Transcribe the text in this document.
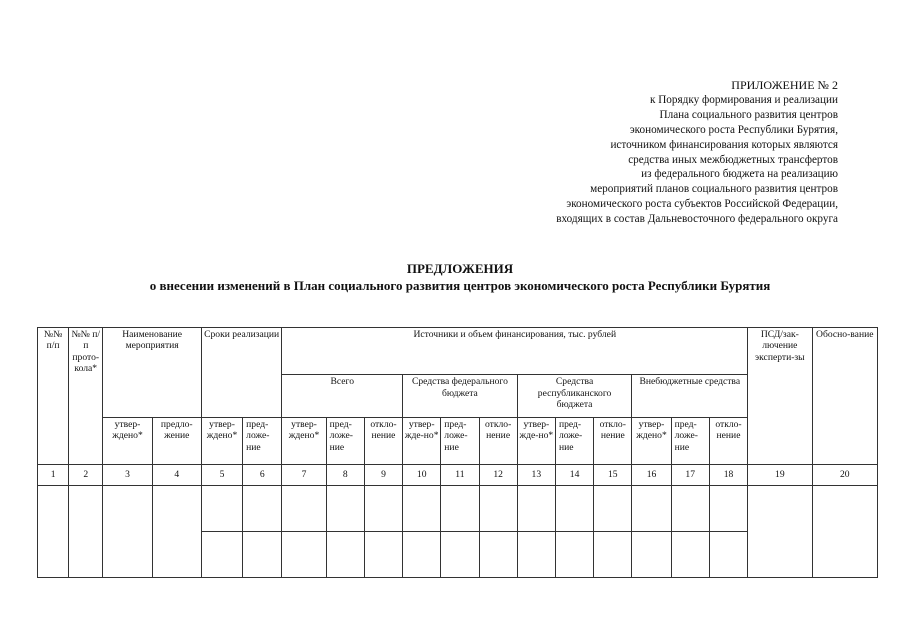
ПРИЛОЖЕНИЕ № 2
к Порядку формирования и реализации
Плана социального развития центров
экономического роста Республики Бурятия,
источником финансирования которых являются
средства иных межбюджетных трансфертов
из федерального бюджета на реализацию
мероприятий планов социального развития центров
экономического роста субъектов Российской Федерации,
входящих в состав Дальневосточного федерального округа
ПРЕДЛОЖЕНИЯ
о внесении изменений в План социального развития центров экономического роста Республики Бурятия
№№ п/п	№№ п/п прото-кола*	Наименование мероприятия		Сроки реализации		Источники и объем финансирования, тыс. рублей												ПСД/зак-лючение эксперти-зы	Обосно-вание
						Всего			Средства федерального бюджета			Средства республиканского бюджета			Внебюджетные средства				
		утвер-ждено*	предло-жение	утвер-ждено*	пред-ложе-ние	утвер-ждено*	пред-ложе-ние	откло-нение	утвер-жде-но*	пред-ложе-ние	откло-нение	утвер-жде-но*	пред-ложе-ние	откло-нение	утвер-ждено*	пред-ложе-ние	откло-нение		
1	2	3	4	5	6	7	8	9	10	11	12	13	14	15	16	17	18	19	20
